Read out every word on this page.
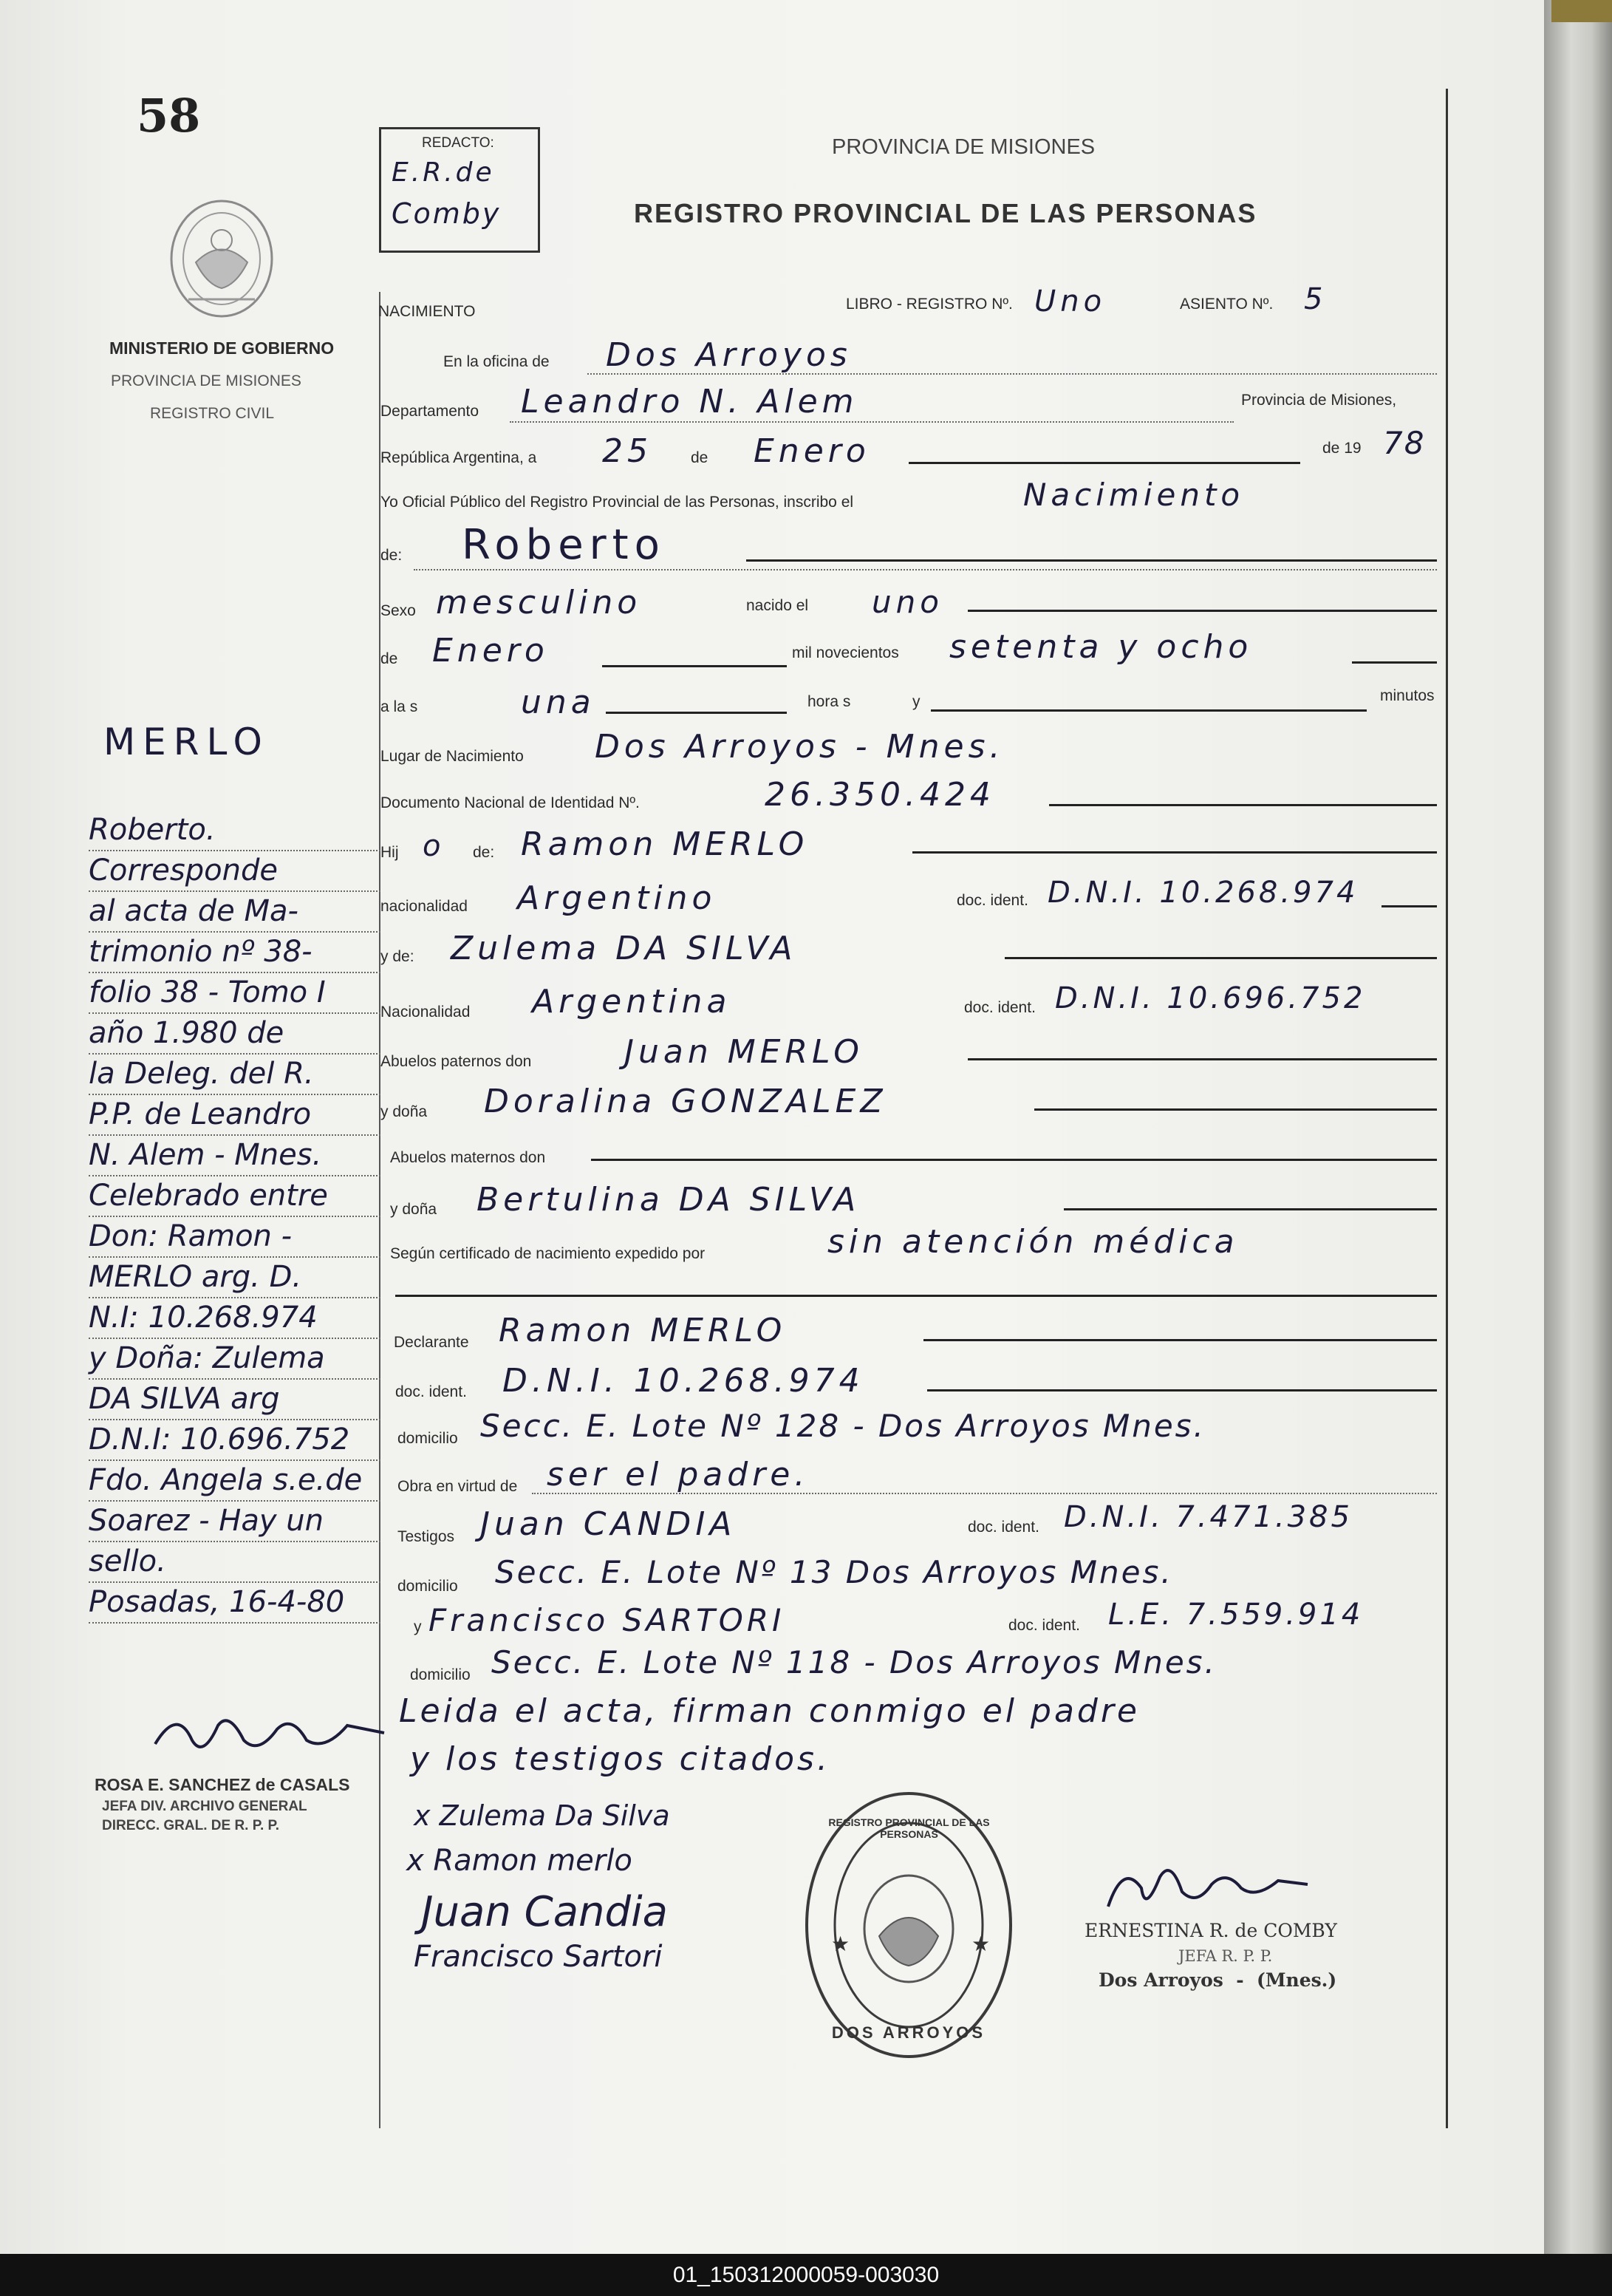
58
MINISTERIO DE GOBIERNO
PROVINCIA DE MISIONES
REGISTRO CIVIL
REDACTO:
E.R.de
Comby
PROVINCIA DE MISIONES
REGISTRO PROVINCIAL DE LAS PERSONAS
NACIMIENTO	LIBRO - REGISTRO Nº. Uno	ASIENTO Nº. 5
En la oficina de Dos Arroyos
Departamento Leandro N. Alem	Provincia de Misiones,
República Argentina, a 25 de Enero	de 19 78
Yo Oficial Público del Registro Provincial de las Personas, inscribo el	Nacimiento
de: Roberto
Sexo mesculino	nacido el uno
de Enero	mil novecientos setenta y ocho
a la s	una	hora s	y	minutos
Lugar de Nacimiento Dos Arroyos - Mnes.
Documento Nacional de Identidad Nº.	26.350.424
Hij o de: Ramon MERLO
nacionalidad Argentino	doc. ident. D.N.I. 10.268.974
y de: Zulema DA SILVA
Nacionalidad Argentina	doc. ident. D.N.I. 10.696.752
Abuelos paternos don	Juan MERLO
y doña Doralina GONZALEZ
Abuelos maternos don
y doña Bertulina DA SILVA
Según certificado de nacimiento expedido por	sin atención médica
Declarante Ramon MERLO
doc. ident. D.N.I. 10.268.974
domicilio Secc. E. Lote Nº 128 - Dos Arroyos Mnes.
Obra en virtud de ser el padre.
Testigos Juan CANDIA	doc. ident. D.N.I. 7.471.385
domicilio Secc. E. Lote Nº 13 Dos Arroyos Mnes.
y Francisco SARTORI	doc. ident. L.E. 7.559.914
domicilio Secc. E. Lote Nº 118 - Dos Arroyos Mnes.
Leida el acta, firman conmigo el padre
y los testigos citados.
x Zulema Da Silva
x Ramon merlo
Juan Candia
Francisco Sartori	★	★
REGISTRO PROVINCIAL DE LAS PERSONAS
DOS ARROYOS
ERNESTINA R. de COMBY
JEFA R. P. P.
Dos Arroyos  -  (Mnes.)
MERLO
Roberto.
Corresponde
al acta de Ma-
trimonio nº 38-
folio 38 - Tomo I
año 1.980 de
la Deleg. del R.
P.P. de Leandro
N. Alem - Mnes.
Celebrado entre
Don: Ramon -
MERLO arg. D.
N.I: 10.268.974
y Doña: Zulema
DA SILVA arg
D.N.I: 10.696.752
Fdo. Angela s.e.de
Soarez - Hay un
sello.
Posadas, 16-4-80
ROSA E. SANCHEZ de CASALS
JEFA DIV. ARCHIVO GENERAL
DIRECC. GRAL. DE R. P. P.
01_150312000059-003030
